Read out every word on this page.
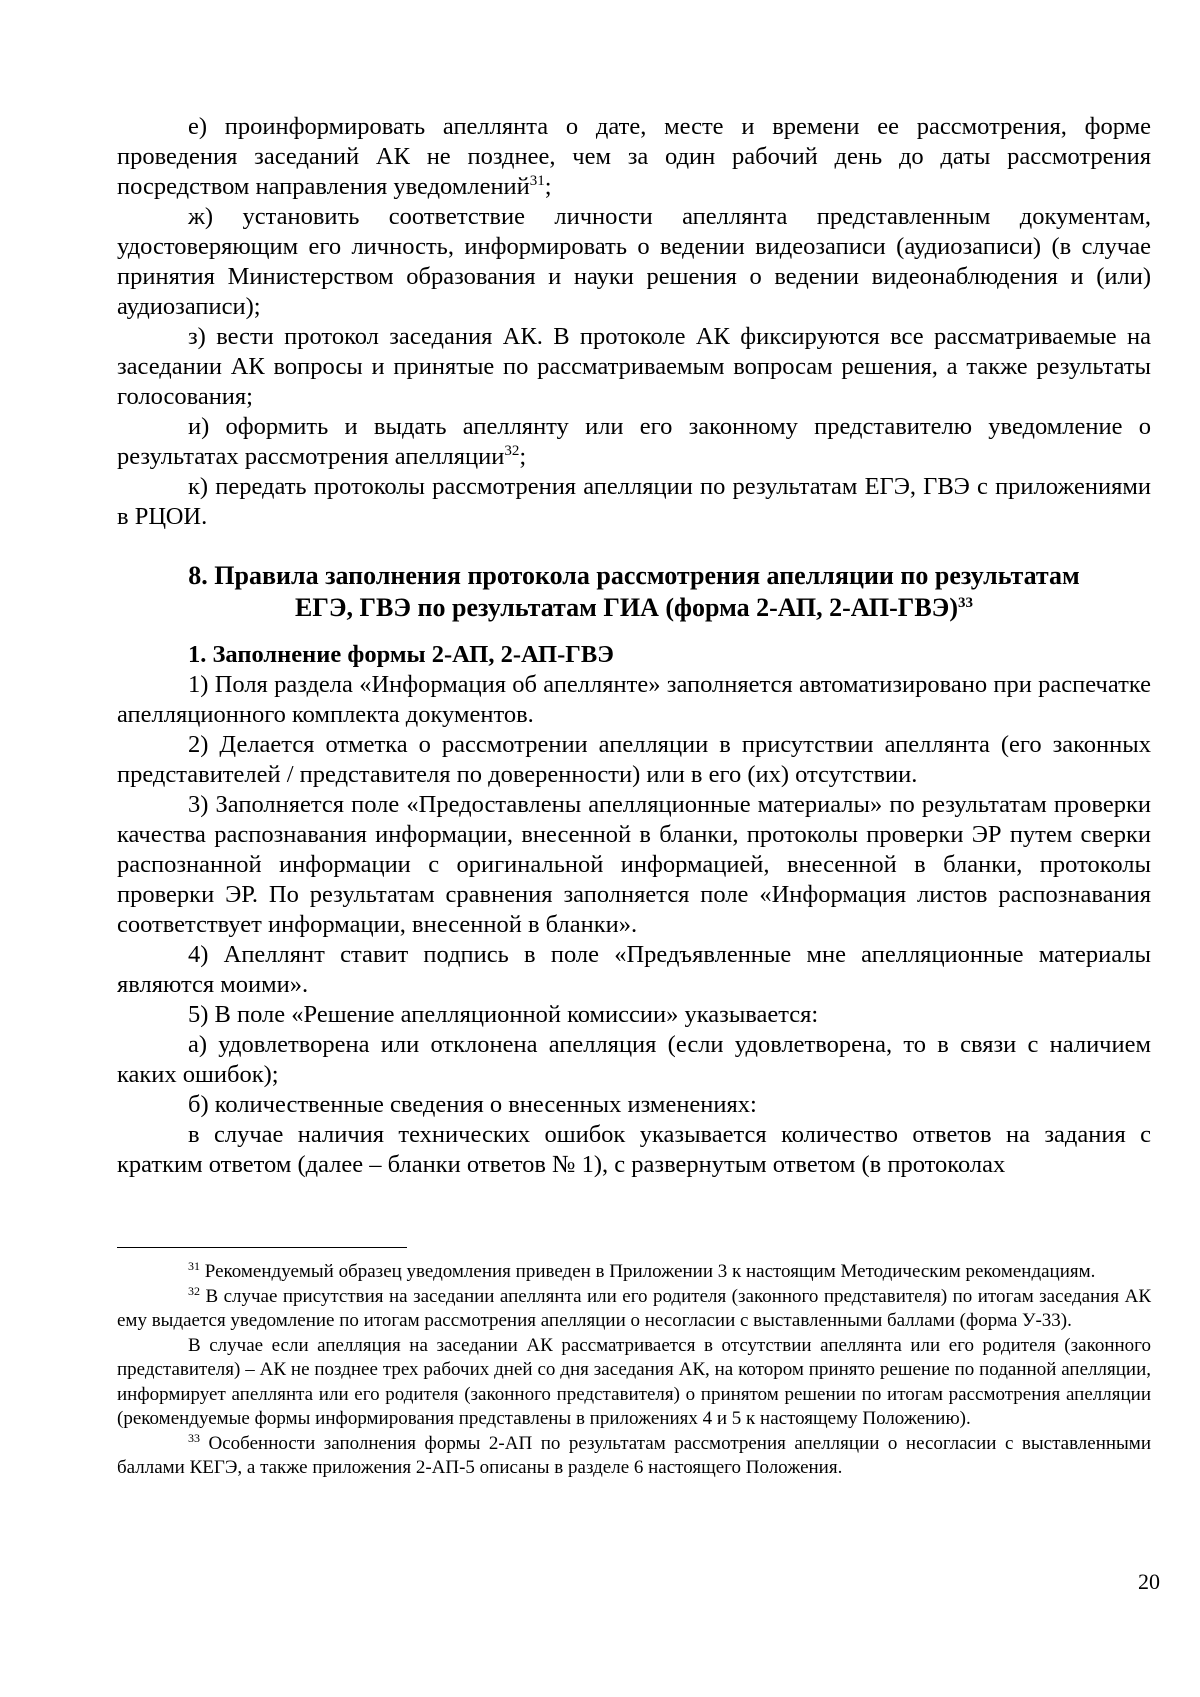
е) проинформировать апеллянта о дате, месте и времени ее рассмотрения, форме проведения заседаний АК не позднее, чем за один рабочий день до даты рассмотрения посредством направления уведомлений$^{31}$;

ж) установить соответствие личности апеллянта представленным документам, удостоверяющим его личность, информировать о ведении видеозаписи (аудиозаписи) (в случае принятия Министерством образования и науки решения о ведении видеонаблюдения и (или) аудиозаписи);

з) вести протокол заседания АК. В протоколе АК фиксируются все рассматриваемые на заседании АК вопросы и принятые по рассматриваемым вопросам решения, а также результаты голосования;

и) оформить и выдать апеллянту или его законному представителю уведомление о результатах рассмотрения апелляции$^{32}$;

к) передать протоколы рассмотрения апелляции по результатам ЕГЭ, ГВЭ с приложениями в РЦОИ.

8. Правила заполнения протокола рассмотрения апелляции по результатам
ЕГЭ, ГВЭ по результатам ГИА (форма 2-АП, 2-АП-ГВЭ)$^{33}$

1. Заполнение формы 2-АП, 2-АП-ГВЭ

1) Поля раздела «Информация об апеллянте» заполняется автоматизировано при распечатке апелляционного комплекта документов.

2) Делается отметка о рассмотрении апелляции в присутствии апеллянта (его законных представителей / представителя по доверенности) или в его (их) отсутствии.

3) Заполняется поле «Предоставлены апелляционные материалы» по результатам проверки качества распознавания информации, внесенной в бланки, протоколы проверки ЭР путем сверки распознанной информации с оригинальной информацией, внесенной в бланки, протоколы проверки ЭР. По результатам сравнения заполняется поле «Информация листов распознавания соответствует информации, внесенной в бланки».

4) Апеллянт ставит подпись в поле «Предъявленные мне апелляционные материалы являются моими».

5) В поле «Решение апелляционной комиссии» указывается:

а) удовлетворена или отклонена апелляция (если удовлетворена, то в связи с наличием каких ошибок);

б) количественные сведения о внесенных изменениях:

в случае наличия технических ошибок указывается количество ответов на задания с кратким ответом (далее – бланки ответов № 1), с развернутым ответом (в протоколах

$^{31}$ Рекомендуемый образец уведомления приведен в Приложении 3 к настоящим Методическим рекомендациям.

$^{32}$ В случае присутствия на заседании апеллянта или его родителя (законного представителя) по итогам заседания АК ему выдается уведомление по итогам рассмотрения апелляции о несогласии с выставленными баллами (форма У-33).

В случае если апелляция на заседании АК рассматривается в отсутствии апеллянта или его родителя (законного представителя) – АК не позднее трех рабочих дней со дня заседания АК, на котором принято решение по поданной апелляции, информирует апеллянта или его родителя (законного представителя) о принятом решении по итогам рассмотрения апелляции (рекомендуемые формы информирования представлены в приложениях 4 и 5 к настоящему Положению).

$^{33}$ Особенности заполнения формы 2-АП по результатам рассмотрения апелляции о несогласии с выставленными баллами КЕГЭ, а также приложения 2-АП-5 описаны в разделе 6 настоящего Положения.

20
